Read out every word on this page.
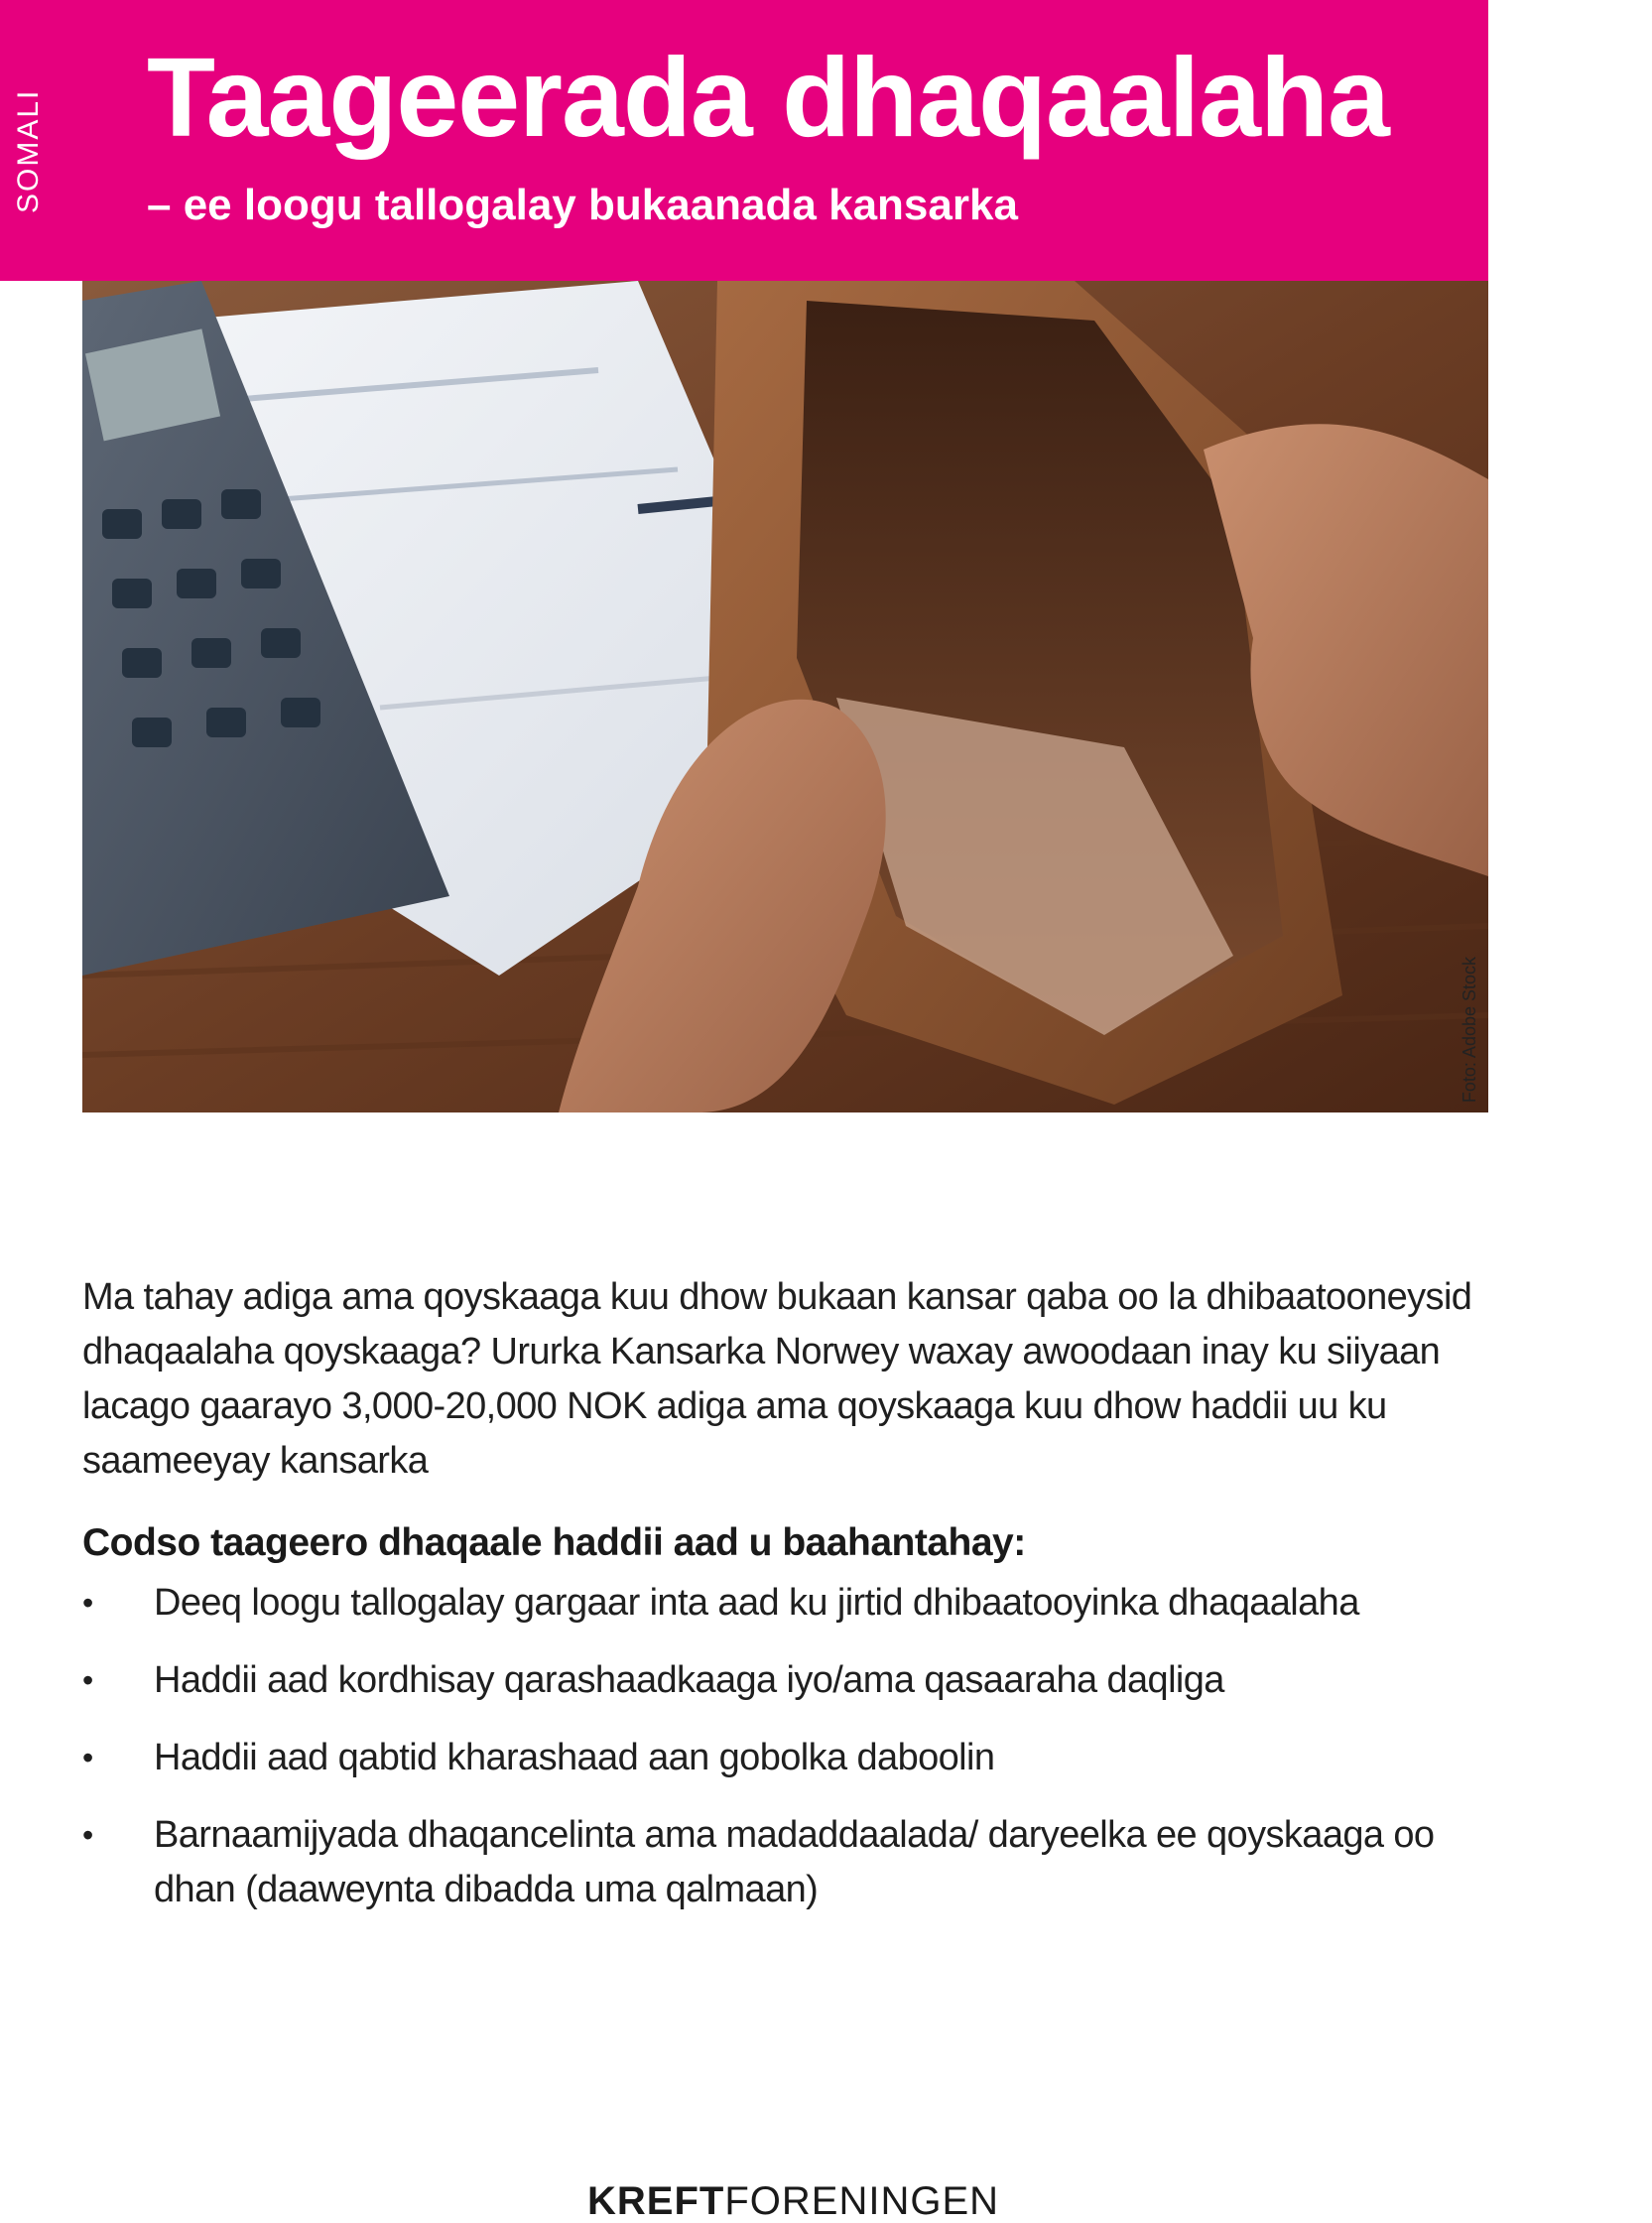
SOMALI Taageerada dhaqaalaha

– ee loogu tallogalay bukaanada kansarka

Foto: Adobe Stock

Ma tahay adiga ama qoyskaaga kuu dhow bukaan kansar qaba oo la dhibaatooneysid dhaqaalaha qoyskaaga? Ururka Kansarka Norwey waxay awoodaan inay ku siiyaan lacago gaarayo 3,000-20,000 NOK adiga ama qoyskaaga kuu dhow haddii uu ku saameeyay kansarka

Codso taageero dhaqaale haddii aad u baahantahay:
• Deeq loogu tallogalay gargaar inta aad ku jirtid dhibaatooyinka dhaqaalaha
• Haddii aad kordhisay qarashaadkaaga iyo/ama qasaaraha daqliga
• Haddii aad qabtid kharashaad aan gobolka daboolin
• Barnaamijyada dhaqancelinta ama madaddaalada/ daryeelka ee qoyskaaga oo dhan (daaweynta dibadda uma qalmaan)
KREFTFORENINGEN
